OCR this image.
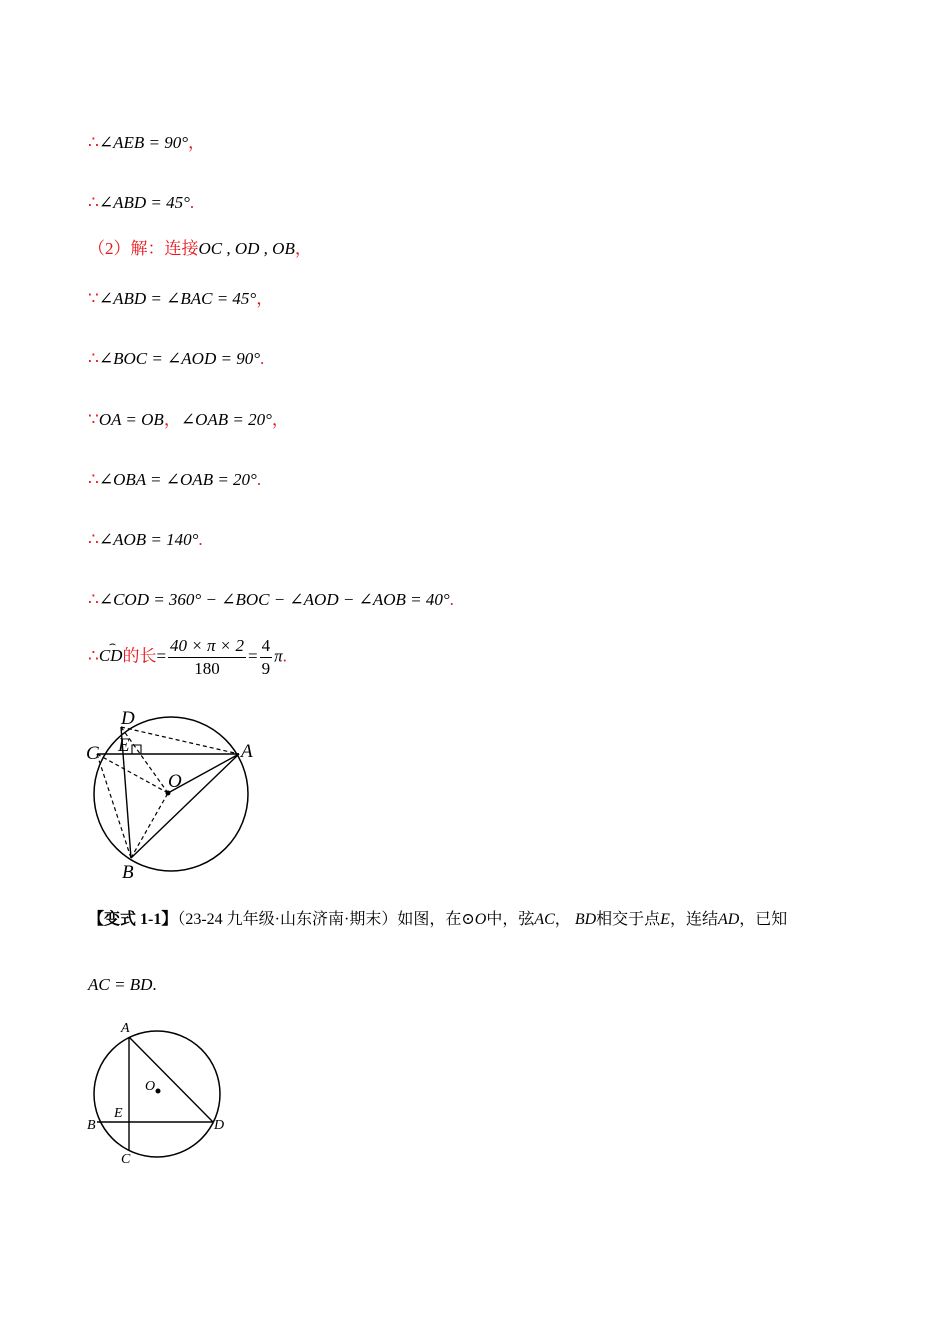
∴∠AEB = 90°，
∴∠ABD = 45°.
（2）解：连接OC , OD , OB，
∵∠ABD = ∠BAC = 45°，
∴∠BOC = ∠AOD = 90°.
∵OA = OB，∠OAB = 20°，
∴∠OBA = ∠OAB = 20°.
∴∠AOB = 140°.
∴∠COD = 360° − ∠BOC − ∠AOD − ∠AOB = 40°.
∴⌢ CD的长= $\frac{40 \times \pi \times 2}{180} = \frac{4}{9} \pi$.
D
C E	A
O
B
【变式 1-1】（23-24 九年级·山东济南·期末）如图，在⊙O中，弦AC， BD相交于点E，连结AD，已知
AC = BD.
A
O
E
B	D
C
